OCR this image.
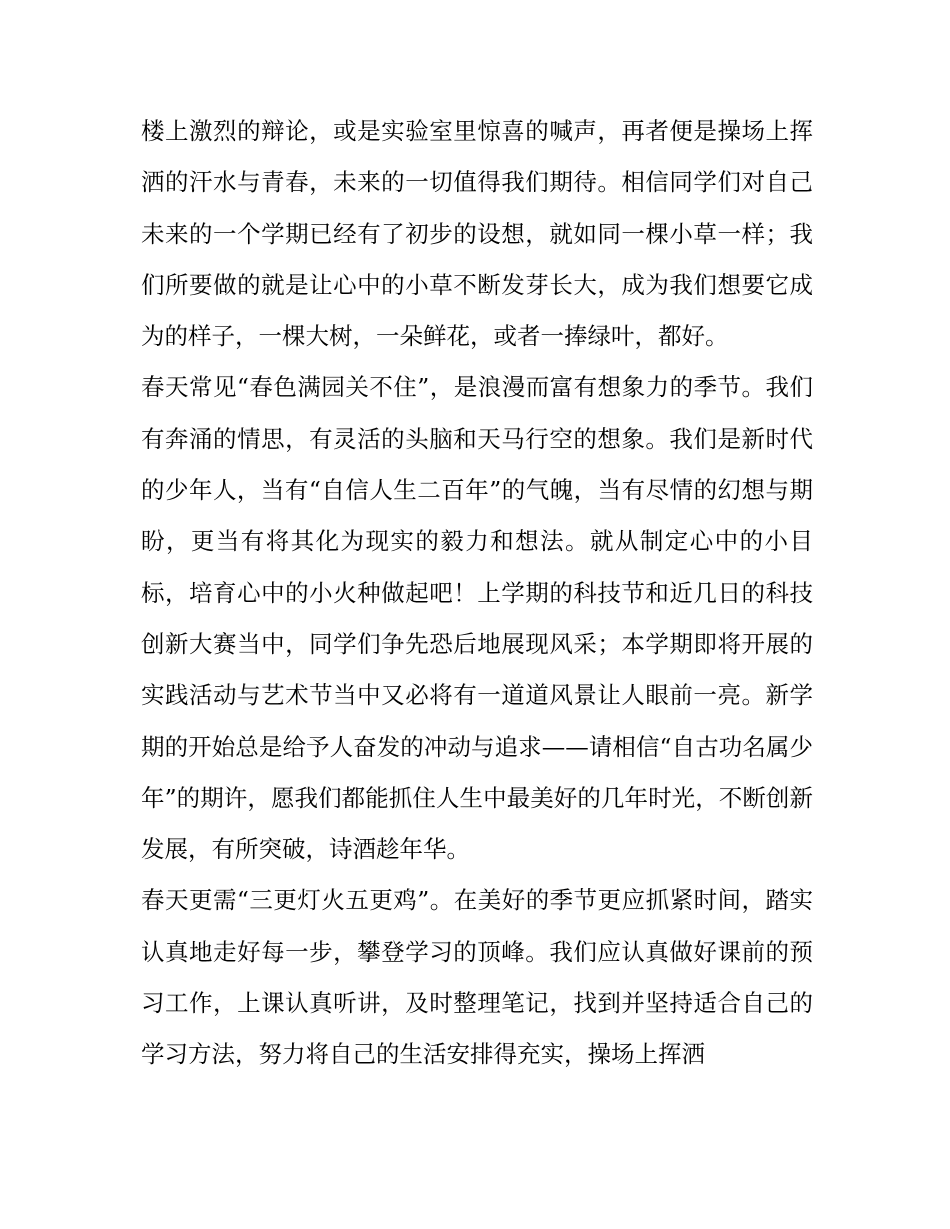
楼上激烈的辩论，或是实验室里惊喜的喊声，再者便是操场上挥洒的汗水与青春，未来的一切值得我们期待。相信同学们对自己未来的一个学期已经有了初步的设想，就如同一棵小草一样；我们所要做的就是让心中的小草不断发芽长大，成为我们想要它成为的样子，一棵大树，一朵鲜花，或者一捧绿叶，都好。

春天常见“春色满园关不住”，是浪漫而富有想象力的季节。我们有奔涌的情思，有灵活的头脑和天马行空的想象。我们是新时代的少年人，当有“自信人生二百年”的气魄，当有尽情的幻想与期盼，更当有将其化为现实的毅力和想法。就从制定心中的小目标，培育心中的小火种做起吧！上学期的科技节和近几日的科技创新大赛当中，同学们争先恐后地展现风采；本学期即将开展的实践活动与艺术节当中又必将有一道道风景让人眼前一亮。新学期的开始总是给予人奋发的冲动与追求——请相信“自古功名属少年”的期许，愿我们都能抓住人生中最美好的几年时光，不断创新发展，有所突破，诗酒趁年华。

春天更需“三更灯火五更鸡”。在美好的季节更应抓紧时间，踏实认真地走好每一步，攀登学习的顶峰。我们应认真做好课前的预习工作，上课认真听讲，及时整理笔记，找到并坚持适合自己的学习方法，努力将自己的生活安排得充实，操场上挥洒
